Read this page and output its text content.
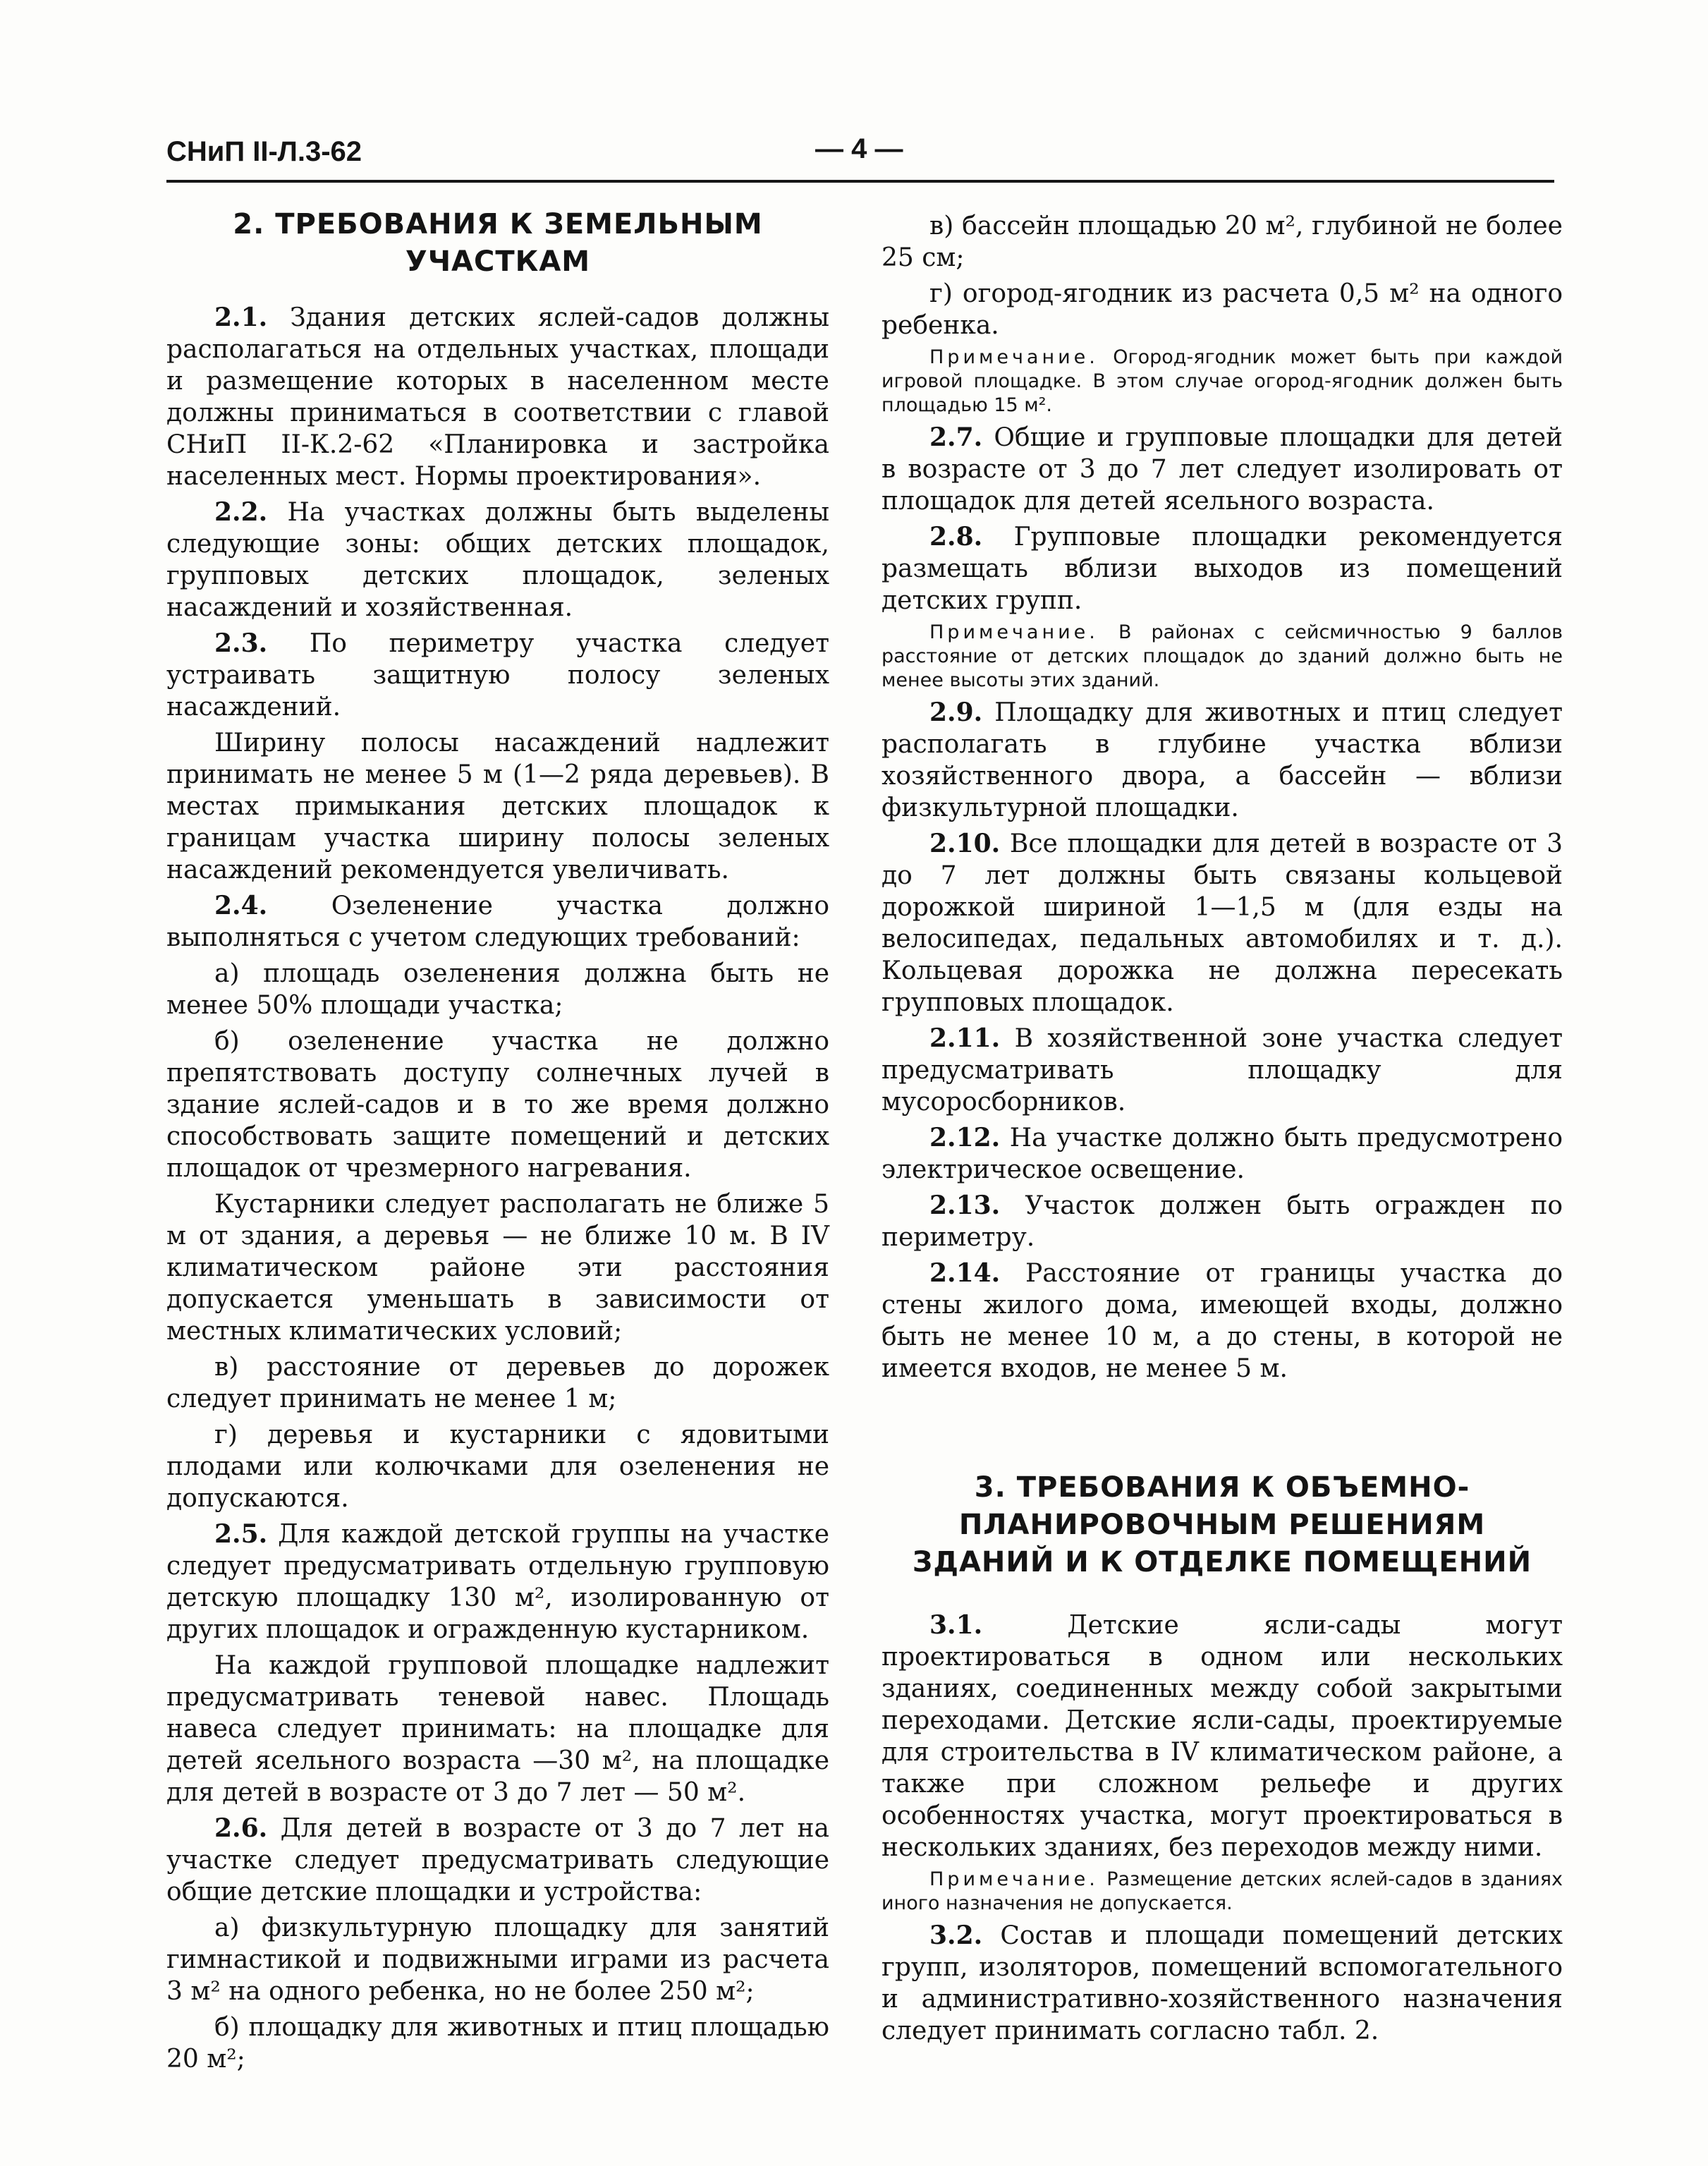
СНиП II-Л.3-62	— 4 —
2. ТРЕБОВАНИЯ К ЗЕМЕЛЬНЫМ
УЧАСТКАМ

2.1. Здания детских яслей-садов должны располагаться на отдельных участках, площади и размещение которых в населенном месте должны приниматься в соответствии с главой СНиП II-К.2-62 «Планировка и застройка населенных мест. Нормы проектирования».

2.2. На участках должны быть выделены следующие зоны: общих детских площадок, групповых детских площадок, зеленых насаждений и хозяйственная.

2.3. По периметру участка следует устраивать защитную полосу зеленых насаждений.

Ширину полосы насаждений надлежит принимать не менее 5 м (1—2 ряда деревьев). В местах примыкания детских площадок к границам участка ширину полосы зеленых насаждений рекомендуется увеличивать.

2.4.	Озеленение участка должно выполняться с учетом следующих требований:

а) площадь озеленения должна быть не менее 50% площади участка;

б) озеленение участка не должно препятствовать доступу солнечных лучей в здание яслей-садов и в то же время должно способствовать защите помещений и детских площадок от чрезмерного нагревания.

Кустарники следует располагать не ближе 5 м от здания, а деревья — не ближе 10 м. В IV климатическом районе эти расстояния допускается уменьшать в зависимости от местных климатических условий;

в) расстояние от деревьев до дорожек следует принимать не менее 1 м;

г) деревья и кустарники с ядовитыми плодами или колючками для озеленения не допускаются.

2.5. Для каждой детской группы на участке следует предусматривать отдельную групповую детскую площадку 130 м², изолированную от других площадок и огражденную кустарником.

На каждой групповой площадке надлежит предусматривать теневой навес. Площадь навеса следует принимать: на площадке для детей ясельного возраста —30 м², на площадке для детей в возрасте от 3 до 7 лет — 50 м².

2.6. Для детей в возрасте от 3 до 7 лет на участке следует предусматривать следующие общие детские площадки и устройства:

а) физкультурную площадку для занятий гимнастикой и подвижными играми из расчета 3 м² на одного ребенка, но не более 250 м²;

б) площадку для животных и птиц площадью 20 м²;

в) бассейн площадью 20 м², глубиной не более 25 см;

г) огород-ягодник из расчета 0,5 м² на одного ребенка.

Примечание. Огород-ягодник может быть при каждой игровой площадке. В этом случае огород-ягодник должен быть площадью 15 м².

2.7. Общие и групповые площадки для детей в возрасте от 3 до 7 лет следует изолировать от площадок для детей ясельного возраста.

2.8. Групповые площадки рекомендуется размещать вблизи выходов из помещений детских групп.

Примечание. В районах с сейсмичностью 9 баллов расстояние от детских площадок до зданий должно быть не менее высоты этих зданий.

2.9. Площадку для животных и птиц следует располагать в глубине участка вблизи хозяйственного двора, а бассейн — вблизи физкультурной площадки.

2.10. Все площадки для детей в возрасте от 3 до 7 лет должны быть связаны кольцевой дорожкой шириной 1—1,5 м (для езды на велосипедах, педальных автомобилях и т. д.). Кольцевая дорожка не должна пересекать групповых площадок.

2.11. В хозяйственной зоне участка следует предусматривать площадку для мусоросборников.

2.12. На участке должно быть предусмотрено электрическое освещение.

2.13. Участок должен быть огражден по периметру.

2.14. Расстояние от границы участка до стены жилого дома, имеющей входы, должно быть не менее 10 м, а до стены, в которой не имеется входов, не менее 5 м.

3. ТРЕБОВАНИЯ К ОБЪЕМНО-
ПЛАНИРОВОЧНЫМ РЕШЕНИЯМ
ЗДАНИЙ И К ОТДЕЛКЕ ПОМЕЩЕНИЙ

3.1.	Детские ясли-сады могут проектироваться в одном или нескольких зданиях, соединенных между собой закрытыми переходами. Детские ясли-сады, проектируемые для строительства в IV климатическом районе, а также при сложном рельефе и других особенностях участка, могут проектироваться в нескольких зданиях, без переходов между ними.

Примечание. Размещение детских яслей-садов в зданиях иного назначения не допускается.

3.2. Состав и площади помещений детских групп, изоляторов, помещений вспомогательного и административно-хозяйственного назначения следует принимать согласно табл. 2.
